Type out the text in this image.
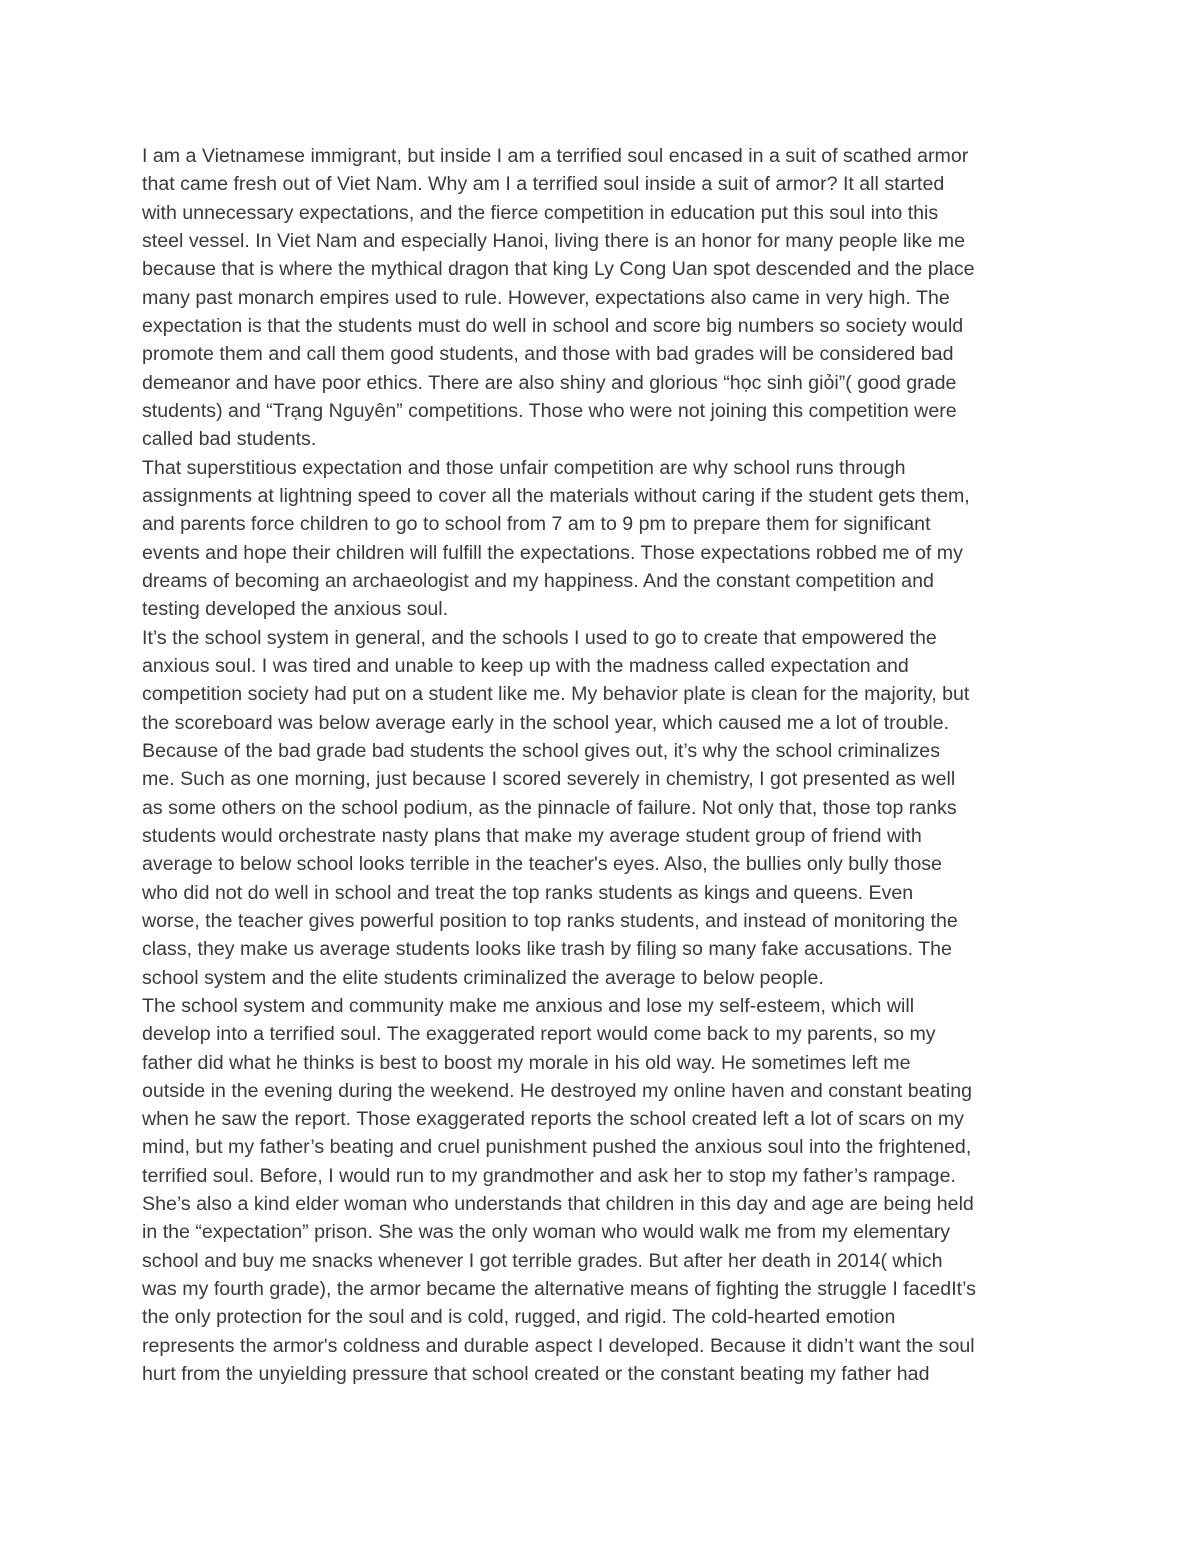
I am a Vietnamese immigrant, but inside I am a terrified soul encased in a suit of scathed armor
that came fresh out of Viet Nam. Why am I a terrified soul inside a suit of armor? It all started
with unnecessary expectations, and the fierce competition in education put this soul into this
steel vessel. In Viet Nam and especially Hanoi, living there is an honor for many people like me
because that is where the mythical dragon that king Ly Cong Uan spot descended and the place
many past monarch empires used to rule. However, expectations also came in very high. The
expectation is that the students must do well in school and score big numbers so society would
promote them and call them good students, and those with bad grades will be considered bad
demeanor and have poor ethics. There are also shiny and glorious “học sinh giỏi”( good grade
students) and “Trạng Nguyên” competitions. Those who were not joining this competition were
called bad students.
That superstitious expectation and those unfair competition are why school runs through
assignments at lightning speed to cover all the materials without caring if the student gets them,
and parents force children to go to school from 7 am to 9 pm to prepare them for significant
events and hope their children will fulfill the expectations. Those expectations robbed me of my
dreams of becoming an archaeologist and my happiness. And the constant competition and
testing developed the anxious soul.
It’s the school system in general, and the schools I used to go to create that empowered the
anxious soul. I was tired and unable to keep up with the madness called expectation and
competition society had put on a student like me. My behavior plate is clean for the majority, but
the scoreboard was below average early in the school year, which caused me a lot of trouble.
Because of the bad grade bad students the school gives out, it’s why the school criminalizes
me. Such as one morning, just because I scored severely in chemistry, I got presented as well
as some others on the school podium, as the pinnacle of failure. Not only that, those top ranks
students would orchestrate nasty plans that make my average student group of friend with
average to below school looks terrible in the teacher's eyes. Also, the bullies only bully those
who did not do well in school and treat the top ranks students as kings and queens. Even
worse, the teacher gives powerful position to top ranks students, and instead of monitoring the
class, they make us average students looks like trash by filing so many fake accusations. The
school system and the elite students criminalized the average to below people.
The school system and community make me anxious and lose my self-esteem, which will
develop into a terrified soul. The exaggerated report would come back to my parents, so my
father did what he thinks is best to boost my morale in his old way. He sometimes left me
outside in the evening during the weekend. He destroyed my online haven and constant beating
when he saw the report. Those exaggerated reports the school created left a lot of scars on my
mind, but my father’s beating and cruel punishment pushed the anxious soul into the frightened,
terrified soul. Before, I would run to my grandmother and ask her to stop my father’s rampage.
She’s also a kind elder woman who understands that children in this day and age are being held
in the “expectation” prison. She was the only woman who would walk me from my elementary
school and buy me snacks whenever I got terrible grades. But after her death in 2014( which
was my fourth grade), the armor became the alternative means of fighting the struggle I facedIt’s
the only protection for the soul and is cold, rugged, and rigid. The cold-hearted emotion
represents the armor's coldness and durable aspect I developed. Because it didn’t want the soul
hurt from the unyielding pressure that school created or the constant beating my father had
